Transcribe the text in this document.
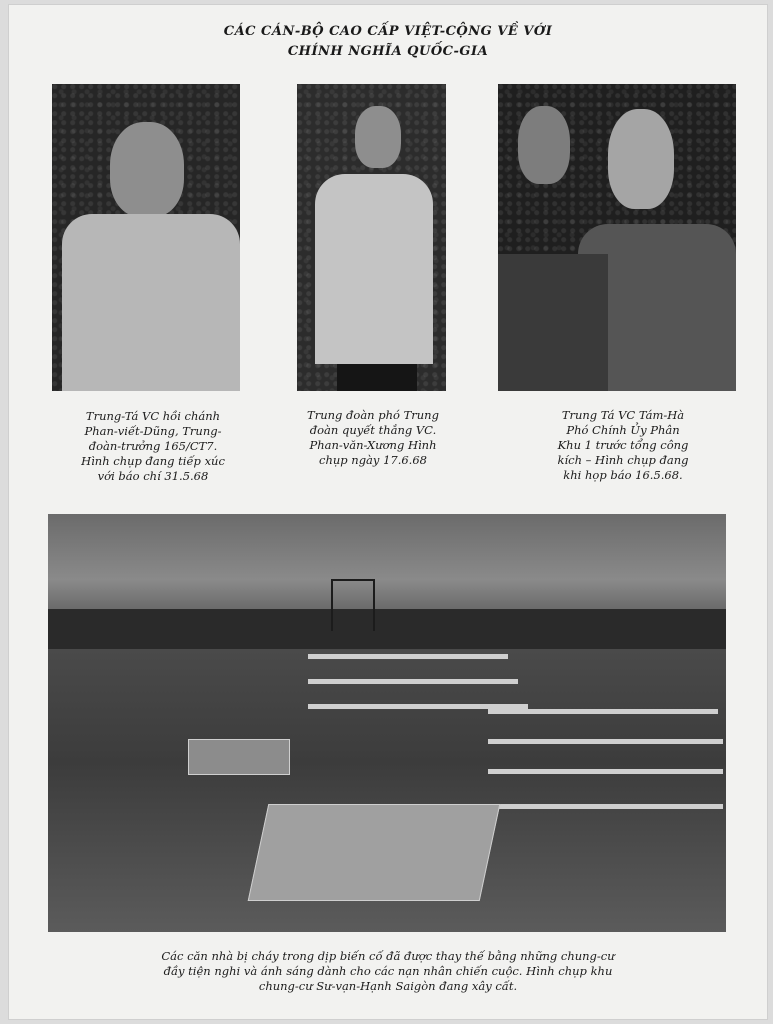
CÁC CÁN-BỘ CAO CẤP VIỆT-CỘNG VỀ VỚI
CHÍNH NGHĨA QUỐC-GIA
Trung-Tá VC hồi chánh
Phan-viết-Dũng, Trung-
đoàn-trưởng 165/CT7.
Hình chụp đang tiếp xúc
với báo chí 31.5.68
Trung đoàn phó Trung
đoàn quyết thắng VC.
Phan-văn-Xương Hình
chụp ngày 17.6.68
Trung Tá VC Tám-Hà
Phó Chính Ủy Phân
Khu 1 trước tổng công
kích – Hình chụp đang
khi họp báo 16.5.68.
Các căn nhà bị cháy trong dịp biến cố đã được thay thế bằng những chung-cư
đầy tiện nghi và ánh sáng dành cho các nạn nhân chiến cuộc. Hình chụp khu
chung-cư Sư-vạn-Hạnh Saigòn đang xây cất.
